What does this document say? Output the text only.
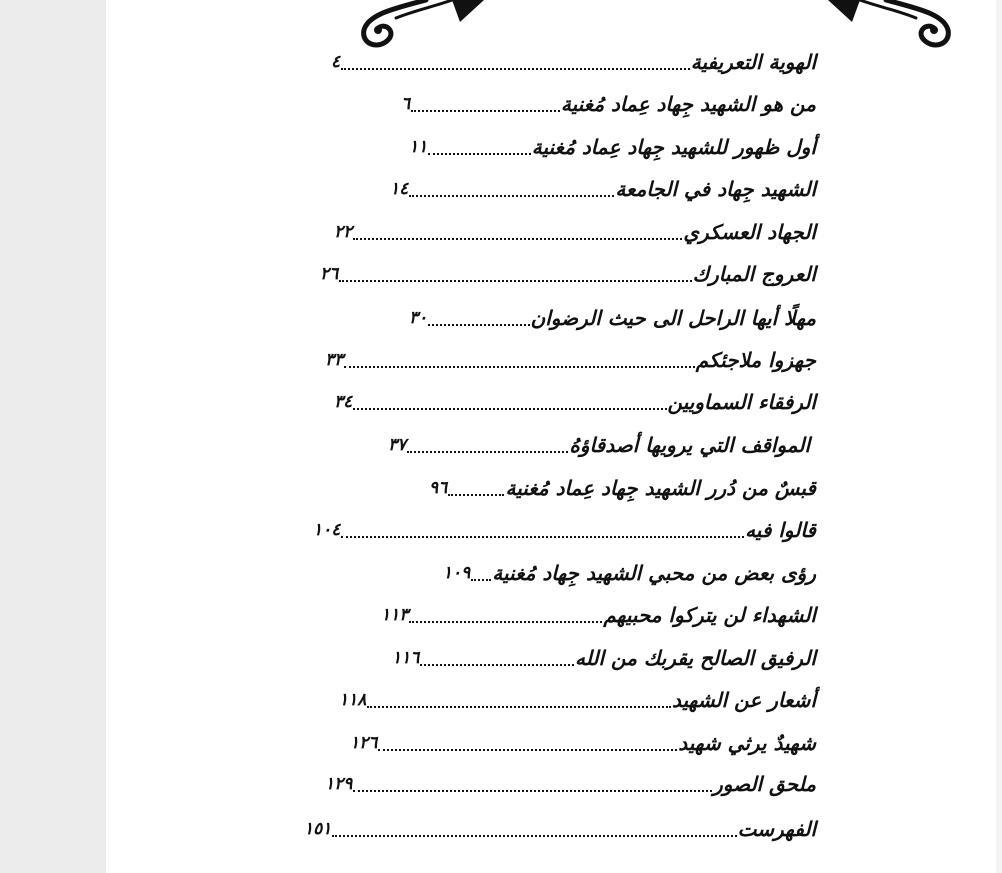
الهوية التعريفية
٤
من هو الشهيد جِهاد عِماد مُغنية
٦
أول ظهور للشهيد جِهاد عِماد مُغنية
١١
الشهيد جِهاد في الجامعة
١٤
الجهاد العسكري
٢٢
العروج المبارك
٢٦
مهلًا أيها الراحل الى حيث الرضوان
٣٠
جهزوا ملاجئكم
٣٣
الرفقاء السماويين
٣٤
المواقف التي يرويها أصدقاؤهُ
٣٧
قبسٌ من دُرر الشهيد جِهاد عِماد مُغنية
٩٦
قالوا فيه
١٠٤
رؤى بعض من محبي الشهيد جِهاد مُغنية
١٠٩
الشهداء لن يتركوا محبيهم
١١٣
الرفيق الصالح يقربك من الله
١١٦
أشعار عن الشهيد
١١٨
شهيدٌ يرثي شهيد
١٢٦
ملحق الصور
١٢٩
الفهرست
١٥١
